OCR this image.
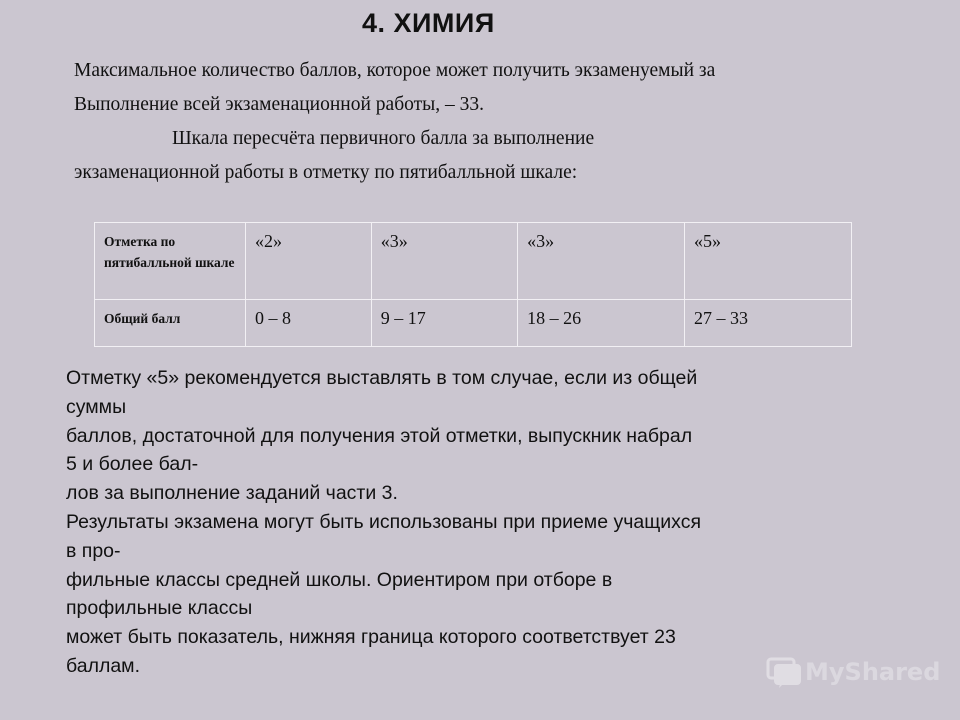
4. ХИМИЯ
Максимальное количество баллов, которое может получить экзаменуемый за
Выполнение всей экзаменационной работы, – 33.
Шкала пересчёта первичного балла за выполнение
экзаменационной работы в отметку по пятибалльной шкале:
Отметка по пятибалльной шкале	«2»	«3»	«3»	«5»
Общий балл	0 – 8	9 – 17	18 – 26	27 – 33
Отметку «5» рекомендуется выставлять в том случае, если из общей
суммы
баллов, достаточной для получения этой отметки, выпускник набрал
5 и более бал-
лов за выполнение заданий части 3.
Результаты экзамена могут быть использованы при приеме учащихся
в про-
фильные классы средней школы. Ориентиром при отборе в
профильные классы
может быть показатель, нижняя граница которого соответствует 23
баллам.	MyShared
